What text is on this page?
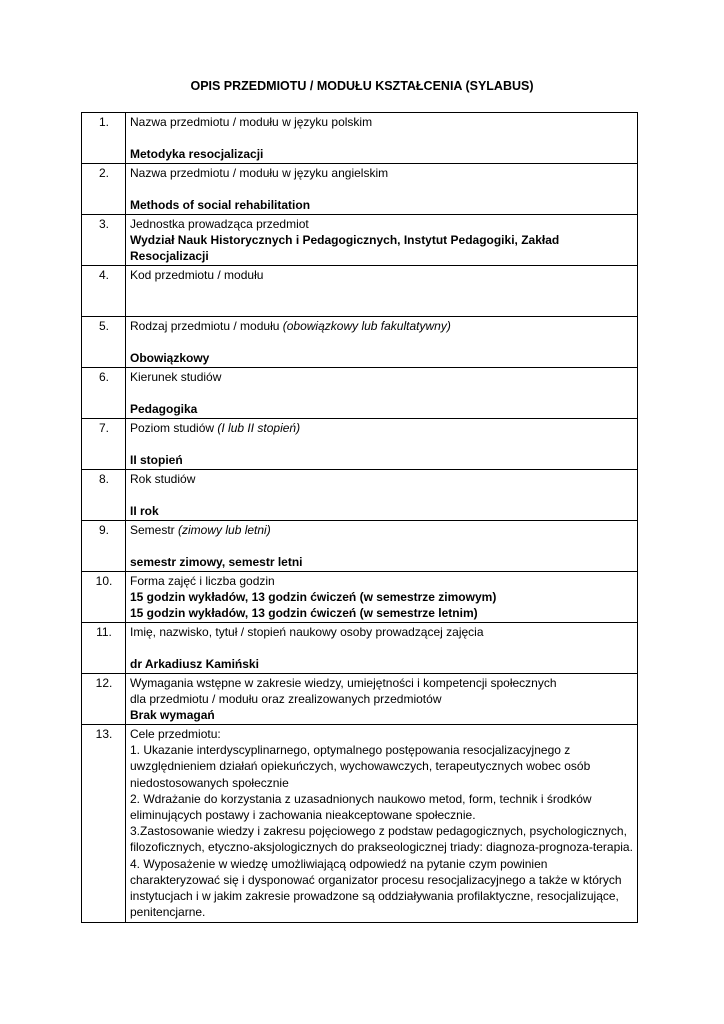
OPIS PRZEDMIOTU / MODUŁU KSZTAŁCENIA (SYLABUS)
1.	Nazwa przedmiotu / modułu w języku polskim
Metodyka resocjalizacji

2.	Nazwa przedmiotu / modułu w języku angielskim
Methods of social rehabilitation

3.	Jednostka prowadząca przedmiot
Wydział Nauk Historycznych i Pedagogicznych, Instytut Pedagogiki, Zakład Resocjalizacji

4.	Kod przedmiotu / modułu

5.	Rodzaj przedmiotu / modułu (obowiązkowy lub fakultatywny)
Obowiązkowy

6.	Kierunek studiów
Pedagogika

7.	Poziom studiów (I lub II stopień)
II stopień

8.	Rok studiów
II rok

9.	Semestr (zimowy lub letni)
semestr zimowy, semestr letni

10.	Forma zajęć i liczba godzin
15 godzin wykładów, 13 godzin ćwiczeń (w semestrze zimowym)
15 godzin wykładów, 13 godzin ćwiczeń (w semestrze letnim)

11.	Imię, nazwisko, tytuł / stopień naukowy osoby prowadzącej zajęcia
dr Arkadiusz Kamiński

12.	Wymagania wstępne w zakresie wiedzy, umiejętności i kompetencji społecznych
dla przedmiotu / modułu oraz zrealizowanych przedmiotów
Brak wymagań

13.	Cele przedmiotu:
1. Ukazanie interdyscyplinarnego, optymalnego postępowania resocjalizacyjnego z uwzględnieniem działań opiekuńczych, wychowawczych, terapeutycznych wobec osób niedostosowanych społecznie
2. Wdrażanie do korzystania z uzasadnionych naukowo metod, form, technik i środków eliminujących postawy i zachowania nieakceptowane społecznie.
3.Zastosowanie wiedzy i zakresu pojęciowego z podstaw pedagogicznych, psychologicznych, filozoficznych, etyczno-aksjologicznych do prakseologicznej triady: diagnoza-prognoza-terapia.
4. Wyposażenie w wiedzę umożliwiającą odpowiedź na pytanie czym powinien charakteryzować się i dysponować organizator procesu resocjalizacyjnego a także w których instytucjach i w jakim zakresie prowadzone są oddziaływania profilaktyczne, resocjalizujące, penitencjarne.
